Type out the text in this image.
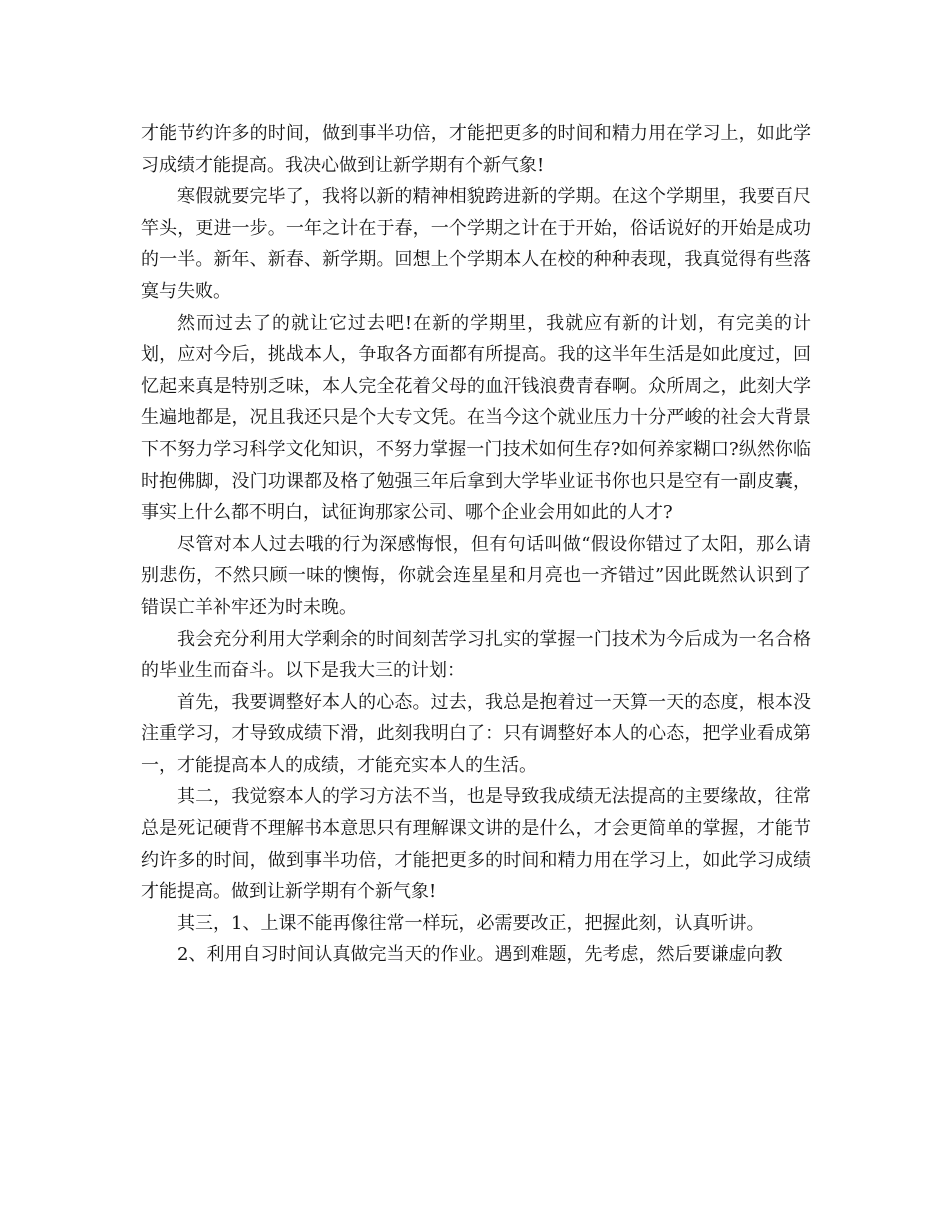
才能节约许多的时间，做到事半功倍，才能把更多的时间和精力用在学习上，如此学习成绩才能提高。我决心做到让新学期有个新气象!

寒假就要完毕了，我将以新的精神相貌跨进新的学期。在这个学期里，我要百尺竿头，更进一步。一年之计在于春，一个学期之计在于开始，俗话说好的开始是成功的一半。新年、新春、新学期。回想上个学期本人在校的种种表现，我真觉得有些落寞与失败。

然而过去了的就让它过去吧!在新的学期里，我就应有新的计划，有完美的计划，应对今后，挑战本人，争取各方面都有所提高。我的这半年生活是如此度过，回忆起来真是特别乏味，本人完全花着父母的血汗钱浪费青春啊。众所周之，此刻大学生遍地都是，况且我还只是个大专文凭。在当今这个就业压力十分严峻的社会大背景下不努力学习科学文化知识，不努力掌握一门技术如何生存?如何养家糊口?纵然你临时抱佛脚，没门功课都及格了勉强三年后拿到大学毕业证书你也只是空有一副皮囊，事实上什么都不明白，试征询那家公司、哪个企业会用如此的人才?

尽管对本人过去哦的行为深感悔恨，但有句话叫做“假设你错过了太阳，那么请别悲伤，不然只顾一味的懊悔，你就会连星星和月亮也一齐错过”因此既然认识到了错误亡羊补牢还为时未晚。

我会充分利用大学剩余的时间刻苦学习扎实的掌握一门技术为今后成为一名合格的毕业生而奋斗。以下是我大三的计划：

首先，我要调整好本人的心态。过去，我总是抱着过一天算一天的态度，根本没注重学习，才导致成绩下滑，此刻我明白了：只有调整好本人的心态，把学业看成第一，才能提高本人的成绩，才能充实本人的生活。

其二，我觉察本人的学习方法不当，也是导致我成绩无法提高的主要缘故，往常总是死记硬背不理解书本意思只有理解课文讲的是什么，才会更简单的掌握，才能节约许多的时间，做到事半功倍，才能把更多的时间和精力用在学习上，如此学习成绩才能提高。做到让新学期有个新气象!

其三，1、上课不能再像往常一样玩，必需要改正，把握此刻，认真听讲。

2、利用自习时间认真做完当天的作业。遇到难题，先考虑，然后要谦虚向教
